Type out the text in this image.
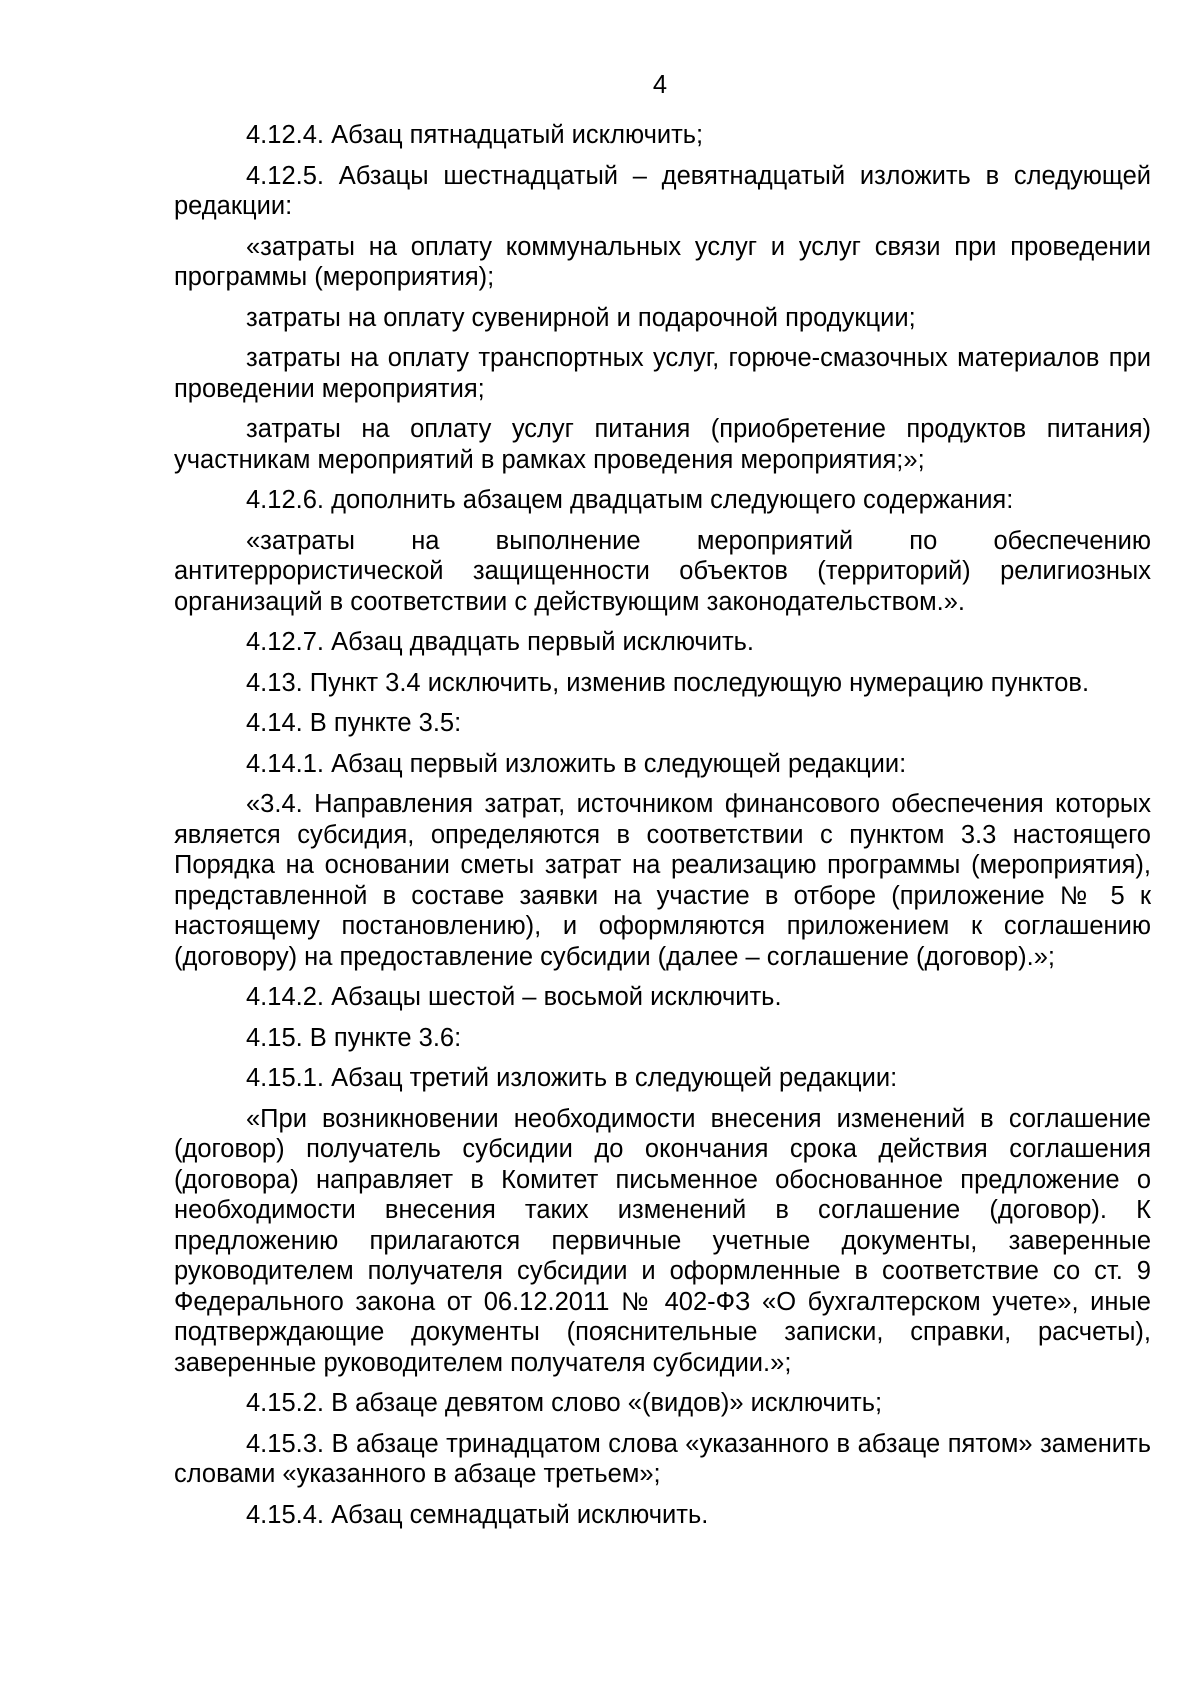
4

4.12.4. Абзац пятнадцатый исключить;

4.12.5. Абзацы шестнадцатый – девятнадцатый изложить в следующей редакции:

«затраты на оплату коммунальных услуг и услуг связи при проведении программы (мероприятия);

затраты на оплату сувенирной и подарочной продукции;

затраты на оплату транспортных услуг, горюче-смазочных материалов при проведении мероприятия;

затраты на оплату услуг питания (приобретение продуктов питания) участникам мероприятий в рамках проведения мероприятия;»;

4.12.6. дополнить абзацем двадцатым следующего содержания:

«затраты на выполнение мероприятий по обеспечению антитеррористической защищенности объектов (территорий) религиозных организаций в соответствии с действующим законодательством.».

4.12.7. Абзац двадцать первый исключить.

4.13. Пункт 3.4 исключить, изменив последующую нумерацию пунктов.

4.14. В пункте 3.5:

4.14.1. Абзац первый изложить в следующей редакции:

«3.4. Направления затрат, источником финансового обеспечения которых является субсидия, определяются в соответствии с пунктом 3.3 настоящего Порядка на основании сметы затрат на реализацию программы (мероприятия), представленной в составе заявки на участие в отборе (приложение № 5 к настоящему постановлению), и оформляются приложением к соглашению (договору) на предоставление субсидии (далее – соглашение (договор).»;

4.14.2. Абзацы шестой – восьмой исключить.

4.15. В пункте 3.6:

4.15.1. Абзац третий изложить в следующей редакции:

«При возникновении необходимости внесения изменений в соглашение (договор) получатель субсидии до окончания срока действия соглашения (договора) направляет в Комитет письменное обоснованное предложение о необходимости внесения таких изменений в соглашение (договор). К предложению прилагаются первичные учетные документы, заверенные руководителем получателя субсидии и оформленные в соответствие со ст. 9 Федерального закона от 06.12.2011 № 402-ФЗ «О бухгалтерском учете», иные подтверждающие документы (пояснительные записки, справки, расчеты), заверенные руководителем получателя субсидии.»;

4.15.2. В абзаце девятом слово «(видов)» исключить;

4.15.3. В абзаце тринадцатом слова «указанного в абзаце пятом» заменить словами «указанного в абзаце третьем»;

4.15.4. Абзац семнадцатый исключить.
